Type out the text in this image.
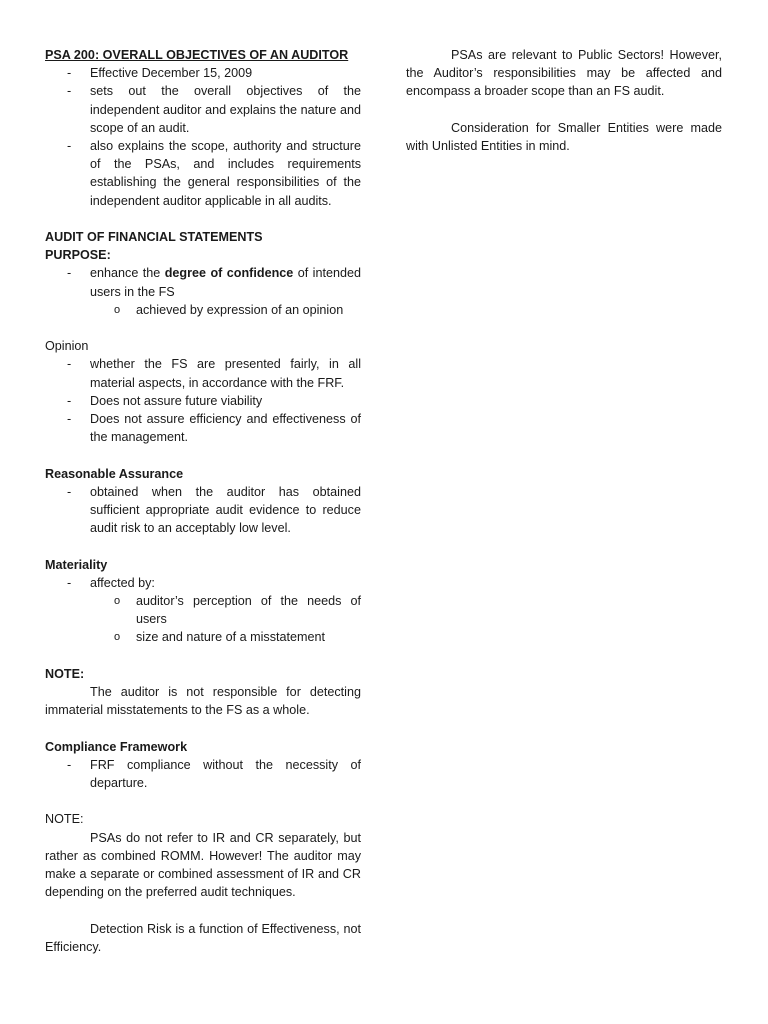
PSA 200: OVERALL OBJECTIVES OF AN AUDITOR
- Effective December 15, 2009
- sets out the overall objectives of the independent auditor and explains the nature and scope of an audit.
- also explains the scope, authority and structure of the PSAs, and includes requirements establishing the general responsibilities of the independent auditor applicable in all audits.
AUDIT OF FINANCIAL STATEMENTS
PURPOSE:
- enhance the degree of confidence of intended users in the FS
o achieved by expression of an opinion
Opinion
- whether the FS are presented fairly, in all material aspects, in accordance with the FRF.
- Does not assure future viability
- Does not assure efficiency and effectiveness of the management.
Reasonable Assurance
- obtained when the auditor has obtained sufficient appropriate audit evidence to reduce audit risk to an acceptably low level.
Materiality
- affected by:
o auditor’s perception of the needs of users
o size and nature of a misstatement
NOTE:
The auditor is not responsible for detecting immaterial misstatements to the FS as a whole.
Compliance Framework
- FRF compliance without the necessity of departure.
NOTE:
PSAs do not refer to IR and CR separately, but rather as combined ROMM. However! The auditor may make a separate or combined assessment of IR and CR depending on the preferred audit techniques.
Detection Risk is a function of Effectiveness, not Efficiency.
PSAs are relevant to Public Sectors! However, the Auditor’s responsibilities may be affected and encompass a broader scope than an FS audit.
Consideration for Smaller Entities were made with Unlisted Entities in mind.
